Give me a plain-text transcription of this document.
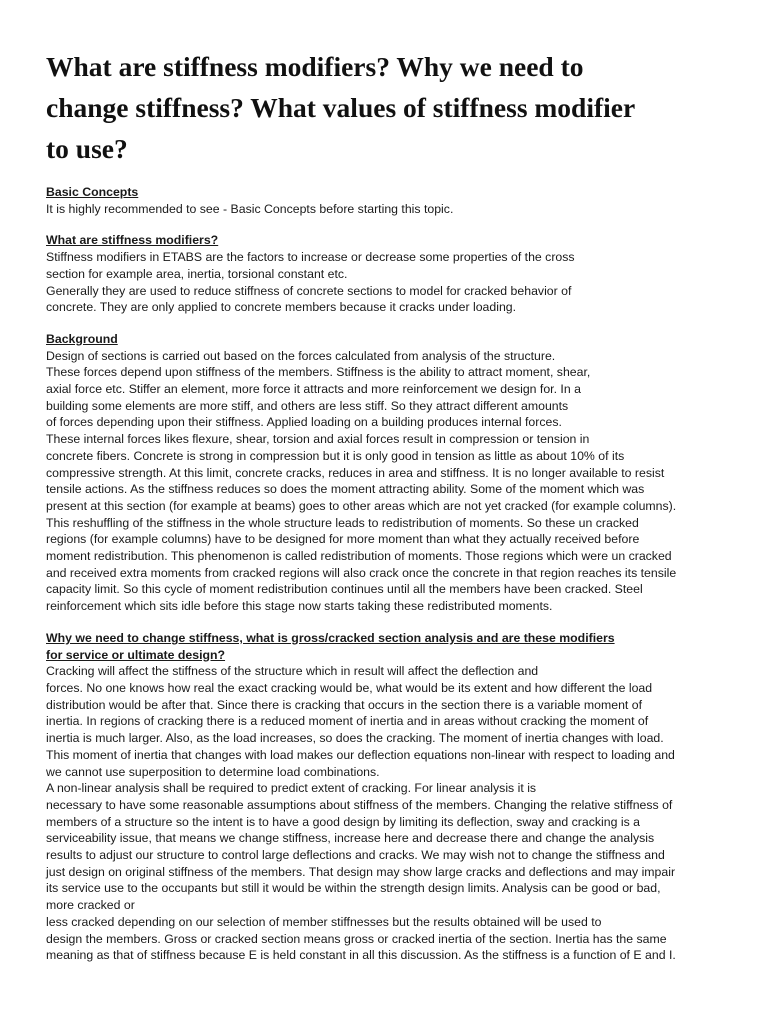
What are stiffness modifiers? Why we need to
change stiffness? What values of stiffness modifier
to use?
Basic Concepts
It is highly recommended to see - Basic Concepts before starting this topic.
What are stiffness modifiers?
Stiffness modifiers in ETABS are the factors to increase or decrease some properties of the cross
section for example area, inertia, torsional constant etc.
Generally they are used to reduce stiffness of concrete sections to model for cracked behavior of
concrete. They are only applied to concrete members because it cracks under loading.
Background
Design of sections is carried out based on the forces calculated from analysis of the structure.
These forces depend upon stiffness of the members. Stiffness is the ability to attract moment, shear,
axial force etc. Stiffer an element, more force it attracts and more reinforcement we design for. In a
building some elements are more stiff, and others are less stiff. So they attract different amounts
of forces depending upon their stiffness. Applied loading on a building produces internal forces.
These internal forces likes flexure, shear, torsion and axial forces result in compression or tension in
concrete fibers. Concrete is strong in compression but it is only good in tension as little as about 10% of its
compressive strength. At this limit, concrete cracks, reduces in area and stiffness. It is no longer available to resist
tensile actions. As the stiffness reduces so does the moment attracting ability. Some of the moment which was
present at this section (for example at beams) goes to other areas which are not yet cracked (for example columns).
This reshuffling of the stiffness in the whole structure leads to redistribution of moments. So these un cracked
regions (for example columns) have to be designed for more moment than what they actually received before
moment redistribution. This phenomenon is called redistribution of moments. Those regions which were un cracked
and received extra moments from cracked regions will also crack once the concrete in that region reaches its tensile
capacity limit. So this cycle of moment redistribution continues until all the members have been cracked. Steel
reinforcement which sits idle before this stage now starts taking these redistributed moments.
Why we need to change stiffness, what is gross/cracked section analysis and are these modifiers
for service or ultimate design?
Cracking will affect the stiffness of the structure which in result will affect the deflection and
forces. No one knows how real the exact cracking would be, what would be its extent and how different the load
distribution would be after that. Since there is cracking that occurs in the section there is a variable moment of
inertia. In regions of cracking there is a reduced moment of inertia and in areas without cracking the moment of
inertia is much larger. Also, as the load increases, so does the cracking. The moment of inertia changes with load.
This moment of inertia that changes with load makes our deflection equations non-linear with respect to loading and
we cannot use superposition to determine load combinations.
A non-linear analysis shall be required to predict extent of cracking. For linear analysis it is
necessary to have some reasonable assumptions about stiffness of the members. Changing the relative stiffness of
members of a structure so the intent is to have a good design by limiting its deflection, sway and cracking is a
serviceability issue, that means we change stiffness, increase here and decrease there and change the analysis
results to adjust our structure to control large deflections and cracks. We may wish not to change the stiffness and
just design on original stiffness of the members. That design may show large cracks and deflections and may impair
its service use to the occupants but still it would be within the strength design limits. Analysis can be good or bad,
more cracked or
less cracked depending on our selection of member stiffnesses but the results obtained will be used to
design the members. Gross or cracked section means gross or cracked inertia of the section. Inertia has the same
meaning as that of stiffness because E is held constant in all this discussion. As the stiffness is a function of E and I.
